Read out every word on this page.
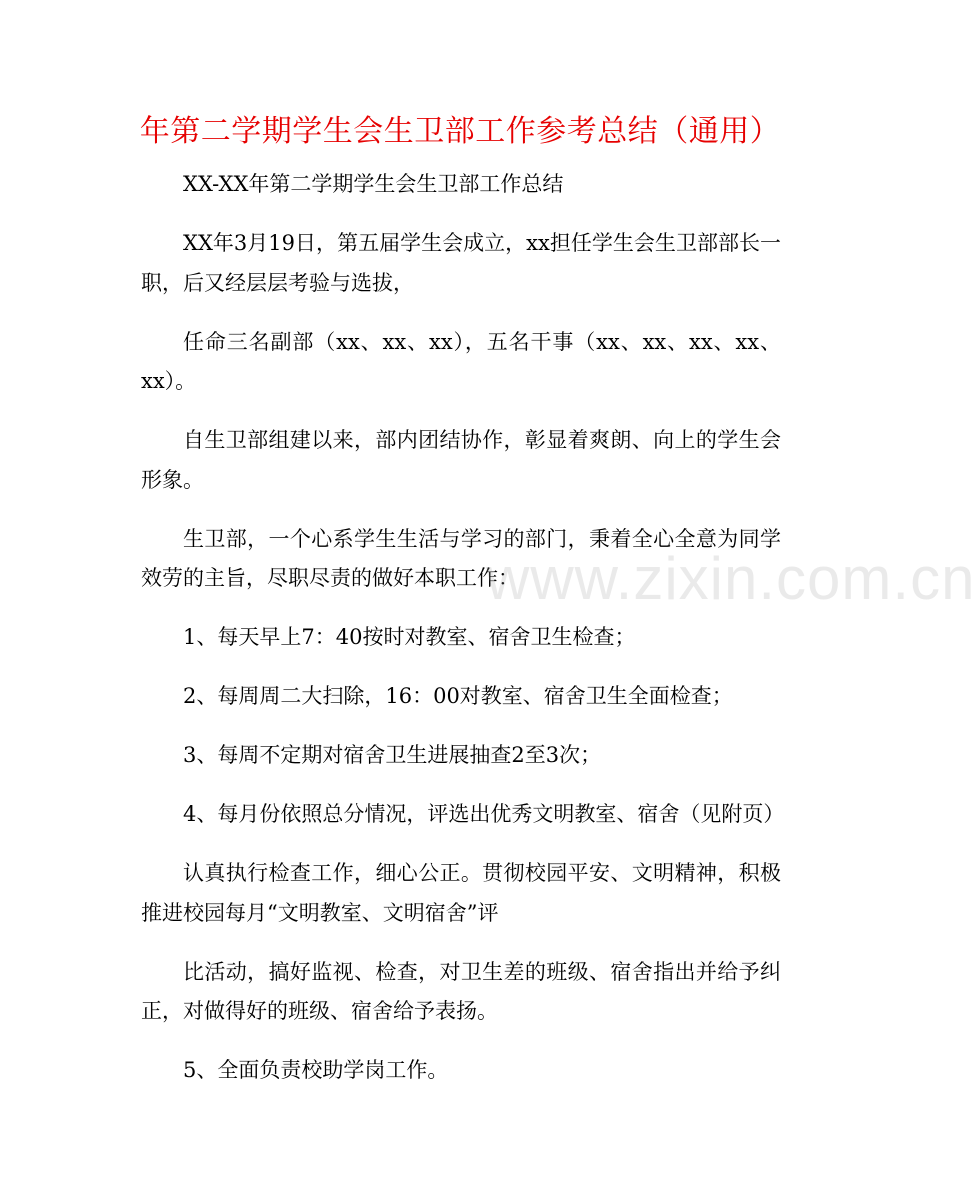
年第二学期学生会生卫部工作参考总结（通用）

XX-XX年第二学期学生会生卫部工作总结

XX年3月19日，第五届学生会成立，xx担任学生会生卫部部长一职，后又经层层考验与选拔，

任命三名副部（xx、xx、xx），五名干事（xx、xx、xx、xx、xx）。

自生卫部组建以来，部内团结协作，彰显着爽朗、向上的学生会形象。

生卫部，一个心系学生生活与学习的部门，秉着全心全意为同学效劳的主旨，尽职尽责的做好本职工作：

1、每天早上7：40按时对教室、宿舍卫生检查；

2、每周周二大扫除，16：00对教室、宿舍卫生全面检查；

3、每周不定期对宿舍卫生进展抽查2至3次；

4、每月份依照总分情况，评选出优秀文明教室、宿舍（见附页）

认真执行检查工作，细心公正。贯彻校园平安、文明精神，积极推进校园每月“文明教室、文明宿舍”评

比活动，搞好监视、检查，对卫生差的班级、宿舍指出并给予纠正，对做得好的班级、宿舍给予表扬。

5、全面负责校助学岗工作。

www.zixin.com.cn
